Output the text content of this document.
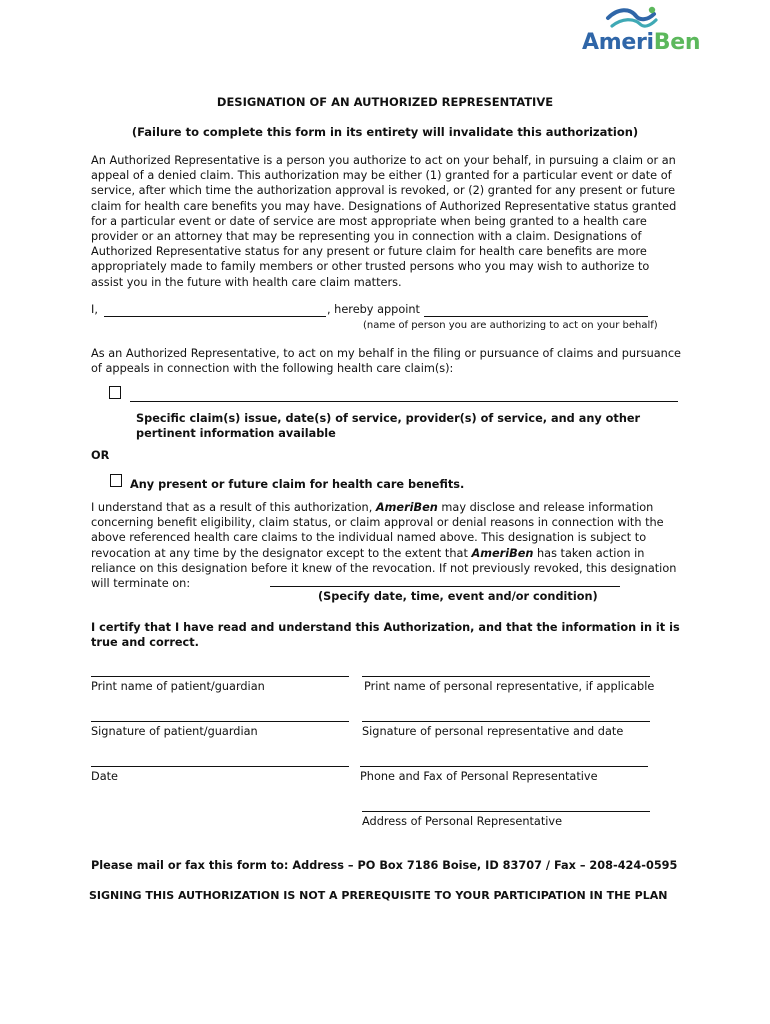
AmeriBen
DESIGNATION OF AN AUTHORIZED REPRESENTATIVE
(Failure to complete this form in its entirety will invalidate this authorization)
An Authorized Representative is a person you authorize to act on your behalf, in pursuing a claim or an appeal of a denied claim. This authorization may be either (1) granted for a particular event or date of service, after which time the authorization approval is revoked, or (2) granted for any present or future claim for health care benefits you may have. Designations of Authorized Representative status granted for a particular event or date of service are most appropriate when being granted to a health care provider or an attorney that may be representing you in connection with a claim. Designations of Authorized Representative status for any present or future claim for health care benefits are more appropriately made to family members or other trusted persons who you may wish to authorize to assist you in the future with health care claim matters.
I,	, hereby appoint
(name of person you are authorizing to act on your behalf)
As an Authorized Representative, to act on my behalf in the filing or pursuance of claims and pursuance of appeals in connection with the following health care claim(s):
Specific claim(s) issue, date(s) of service, provider(s) of service, and any other pertinent information available
OR
Any present or future claim for health care benefits.
I understand that as a result of this authorization, AmeriBen may disclose and release information concerning benefit eligibility, claim status, or claim approval or denial reasons in connection with the above referenced health care claims to the individual named above. This designation is subject to revocation at any time by the designator except to the extent that AmeriBen has taken action in reliance on this designation before it knew of the revocation. If not previously revoked, this designation will terminate on:
(Specify date, time, event and/or condition)
I certify that I have read and understand this Authorization, and that the information in it is true and correct.
Print name of patient/guardian	Print name of personal representative, if applicable
Signature of patient/guardian	Signature of personal representative and date
Date	Phone and Fax of Personal Representative
Address of Personal Representative
Please mail or fax this form to: Address – PO Box 7186 Boise, ID 83707 / Fax – 208-424-0595
SIGNING THIS AUTHORIZATION IS NOT A PREREQUISITE TO YOUR PARTICIPATION IN THE PLAN
